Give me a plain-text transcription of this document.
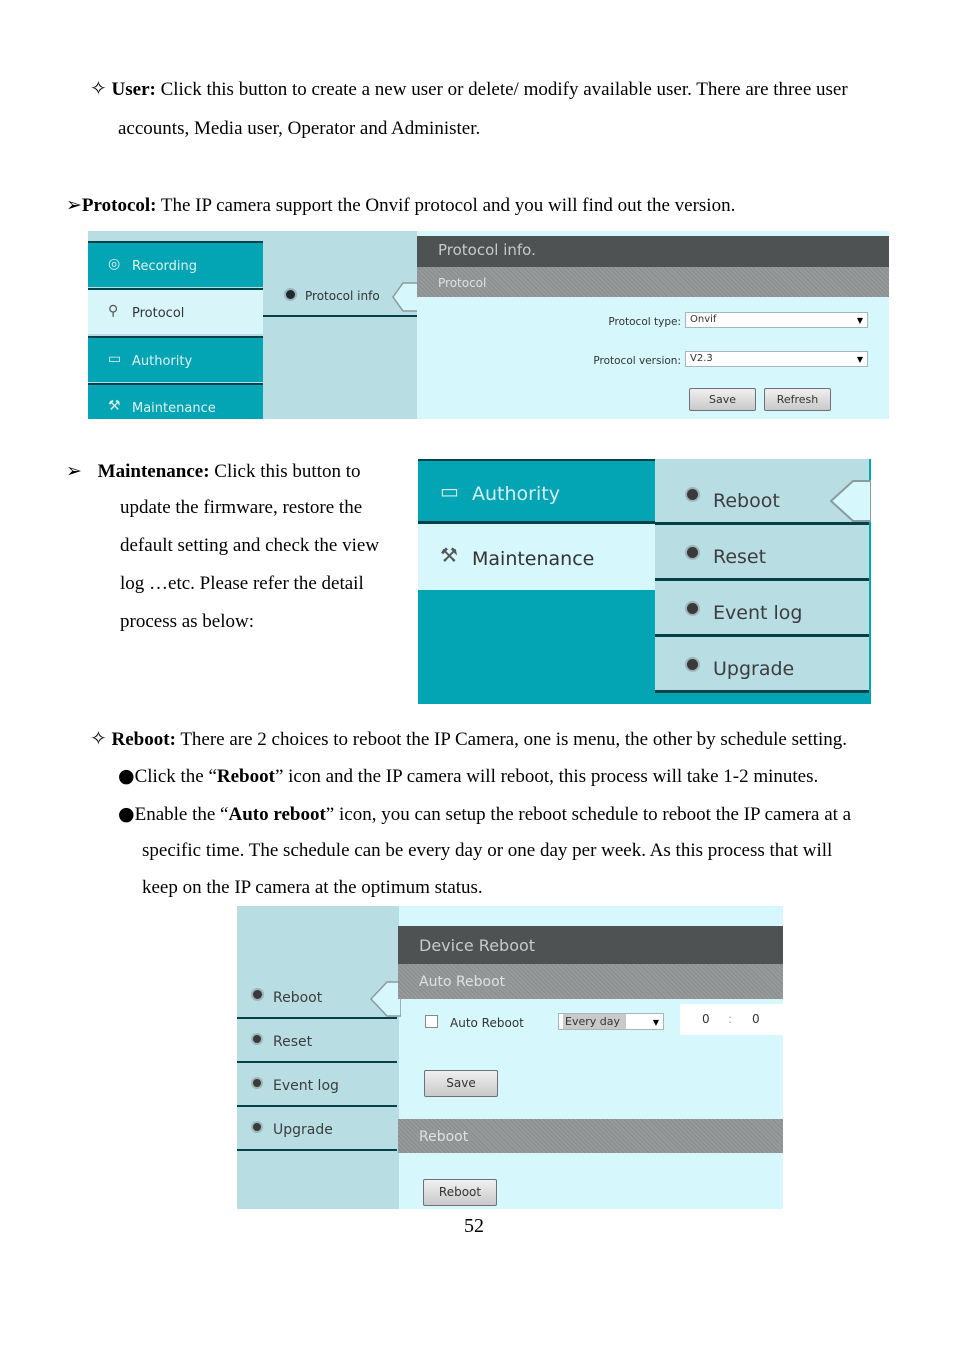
✧ User: Click this button to create a new user or delete/ modify available user. There are three user
accounts, Media user, Operator and Administer.
➢Protocol: The IP camera support the Onvif protocol and you will find out the version.
◎ Recording
⚲	Protocol
▭ Authority
⚒ Maintenance
Protocol info
Protocol info.
Protocol
Protocol type: Onvif	▼
Protocol version: V2.3	▼
Save	Refresh
➢ Maintenance: Click this button to
update the firmware, restore the
default setting and check the view
log …etc. Please refer the detail
process as below:
▭ Authority
⚒ Maintenance
Reboot
Reset
Event log
Upgrade
✧ Reboot: There are 2 choices to reboot the IP Camera, one is menu, the other by schedule setting.
●Click the “Reboot” icon and the IP camera will reboot, this process will take 1-2 minutes.
●Enable the “Auto reboot” icon, you can setup the reboot schedule to reboot the IP camera at a
specific time. The schedule can be every day or one day per week. As this process that will
keep on the IP camera at the optimum status.
Reboot
Reset
Event log
Upgrade
Device Reboot
Auto Reboot
Auto Reboot	Every day	▼	0 : 0
Save
Reboot
Reboot
52
